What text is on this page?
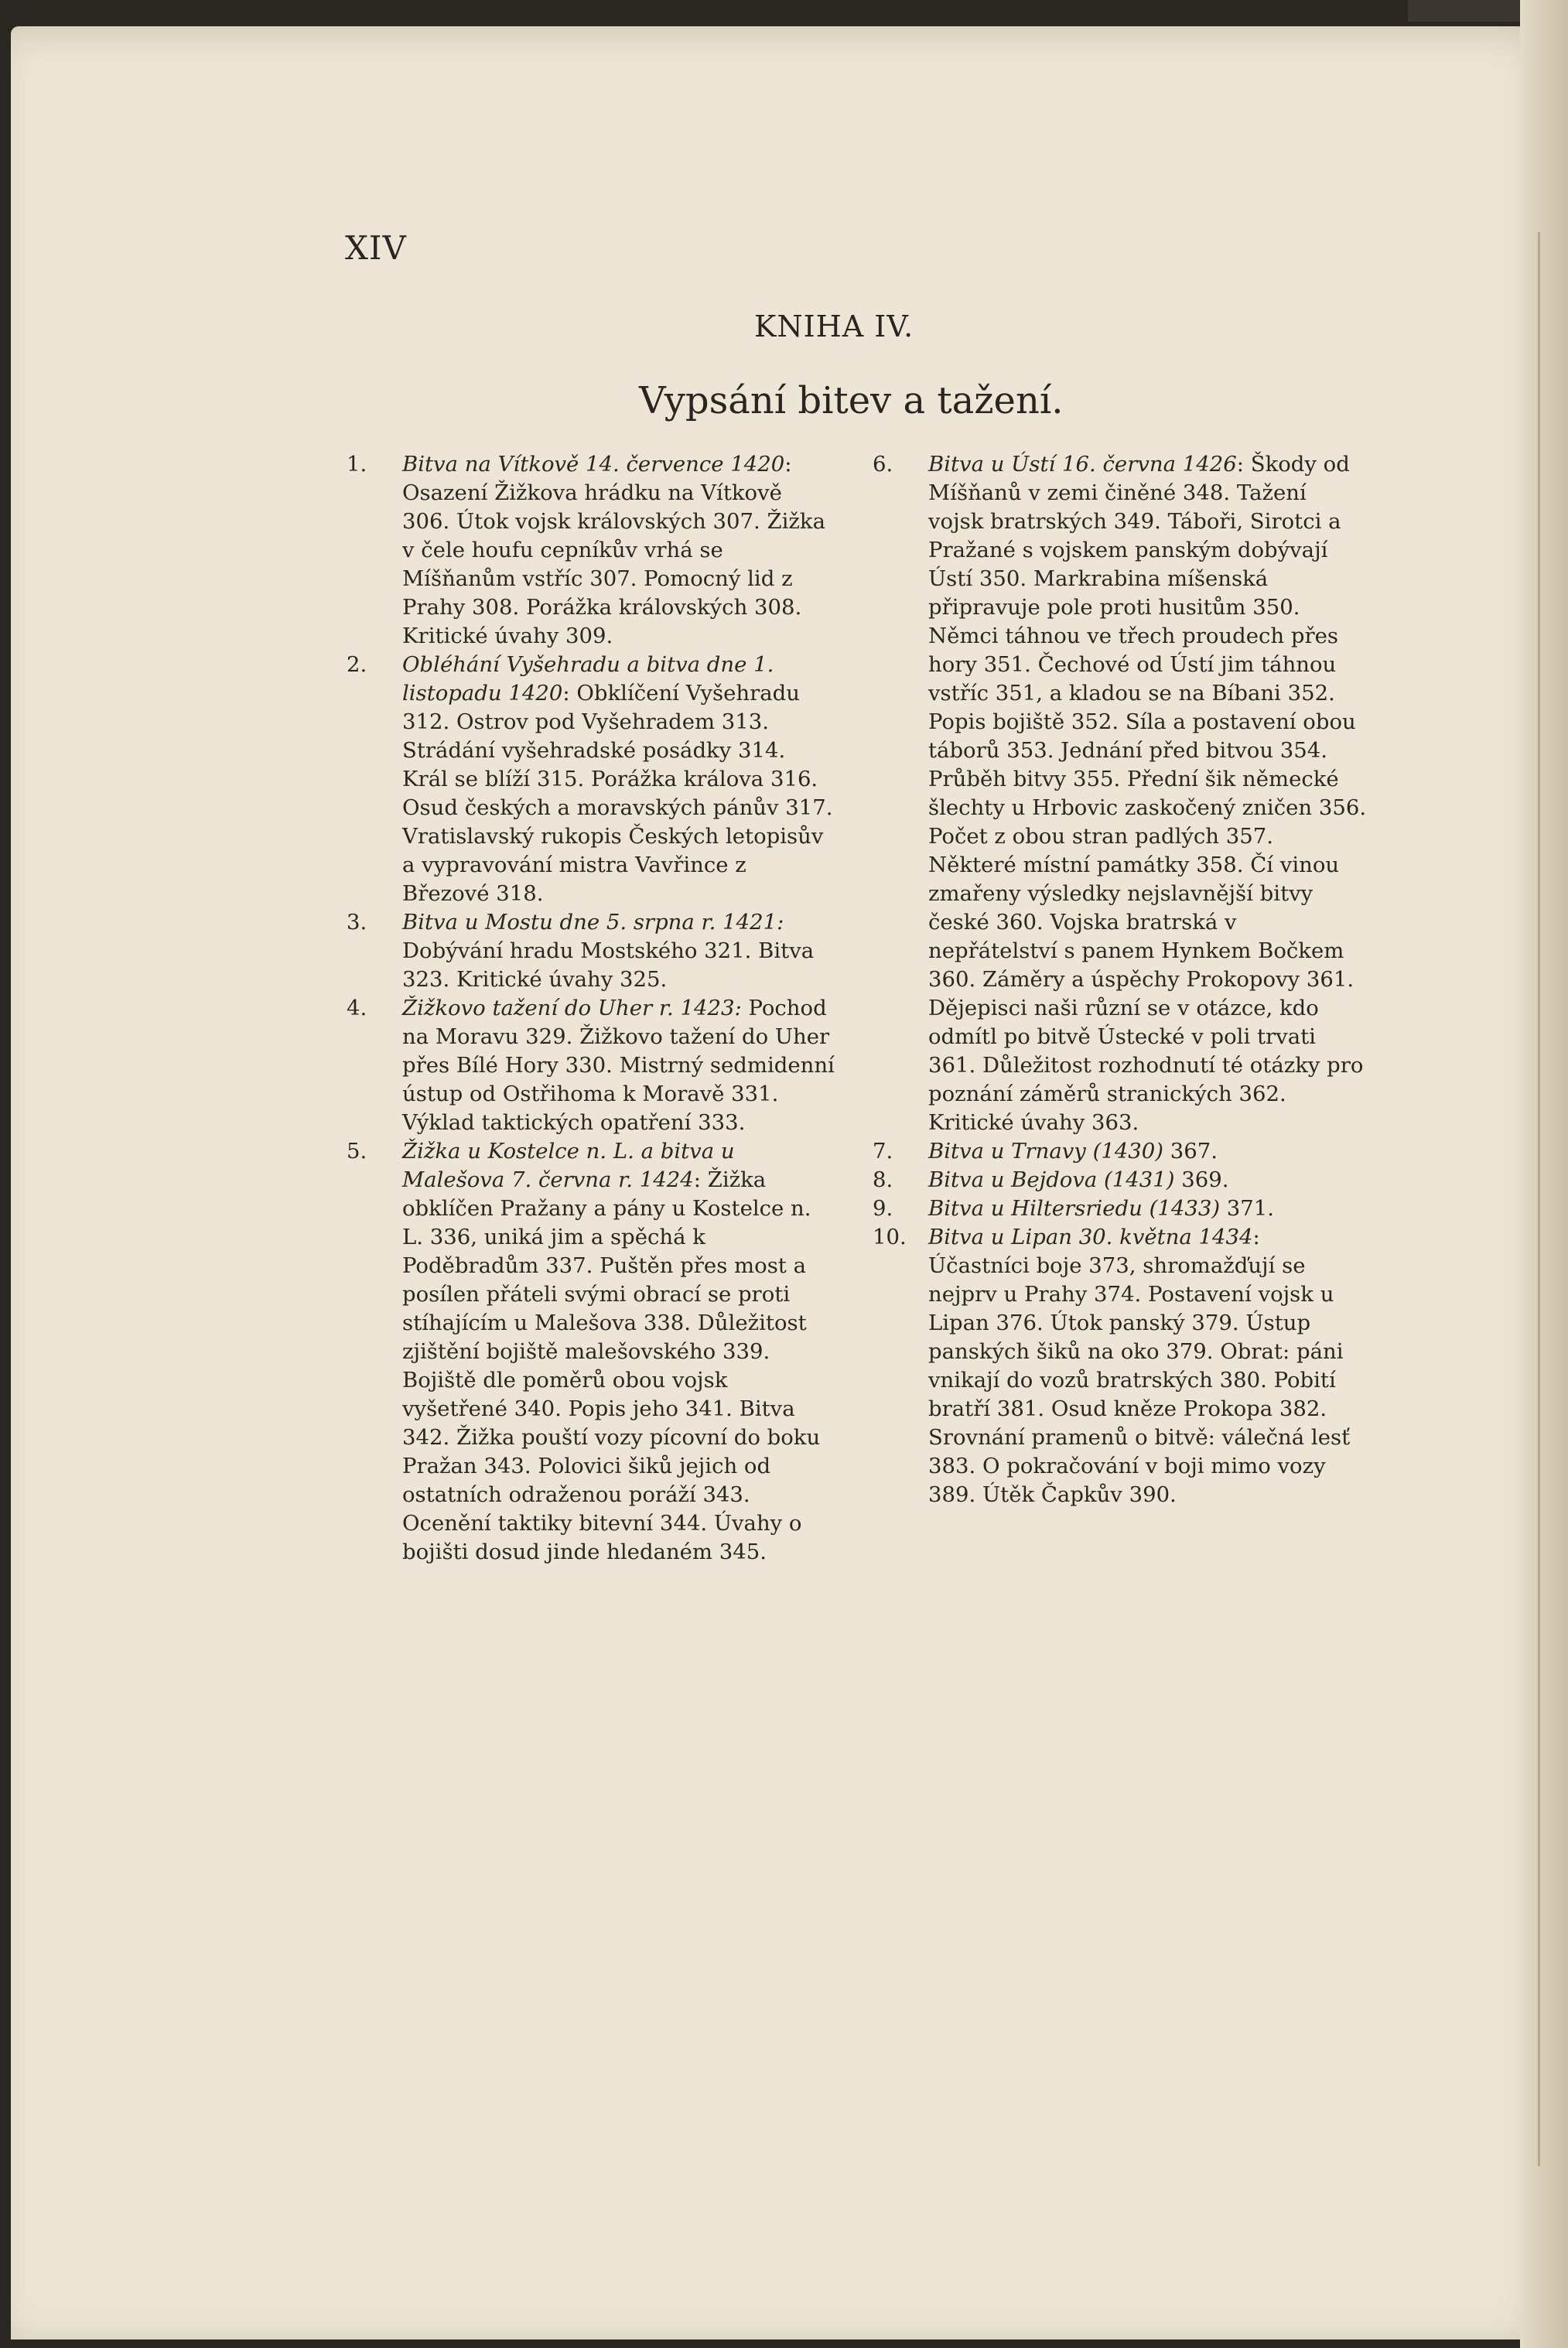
XIV
KNIHA IV.
Vypsání bitev a tažení.

1.	Bitva na Vítkově 14. července 1420: Osazení Žižkova hrádku na Vítkově 306. Útok vojsk královských 307. Žižka v čele houfu cepníkův vrhá se Míšňanům vstříc 307. Pomocný lid z Prahy 308. Porážka královských 308. Kritické úvahy 309.

2.	Obléhání Vyšehradu a bitva dne 1. listopadu 1420: Obklíčení Vyšehradu 312. Ostrov pod Vyšehradem 313. Strádání vyšehradské posádky 314. Král se blíží 315. Porážka králova 316. Osud českých a moravských pánův 317. Vratislavský rukopis Českých letopisův a vypravování mistra Vavřince z Březové 318.

3.	Bitva u Mostu dne 5. srpna r. 1421: Dobývání hradu Mostského 321. Bitva 323. Kritické úvahy 325.

4.	Žižkovo tažení do Uher r. 1423: Pochod na Moravu 329. Žižkovo tažení do Uher přes Bílé Hory 330. Mistrný sedmidenní ústup od Ostřihoma k Moravě 331. Výklad taktických opatření 333.

5.	Žižka u Kostelce n. L. a bitva u Malešova 7. června r. 1424: Žižka obklíčen Pražany a pány u Kostelce n. L. 336, uniká jim a spěchá k Poděbradům 337. Puštěn přes most a posílen přáteli svými obrací se proti stíhajícím u Malešova 338. Důležitost zjištění bojiště malešovského 339. Bojiště dle poměrů obou vojsk vyšetřené 340. Popis jeho 341. Bitva 342. Žižka pouští vozy pícovní do boku Pražan 343. Polovici šiků jejich od ostatních odraženou poráží 343. Ocenění taktiky bitevní 344. Úvahy o bojišti dosud jinde hledaném 345.

6.	Bitva u Ústí 16. června 1426: Škody od Míšňanů v zemi činěné 348. Tažení vojsk bratrských 349. Táboři, Sirotci a Pražané s vojskem panským dobývají Ústí 350. Markrabina míšenská připravuje pole proti husitům 350. Němci táhnou ve třech proudech přes hory 351. Čechové od Ústí jim táhnou vstříc 351, a kladou se na Bíbani 352. Popis bojiště 352. Síla a postavení obou táborů 353. Jednání před bitvou 354. Průběh bitvy 355. Přední šik německé šlechty u Hrbovic zaskočený zničen 356. Počet z obou stran padlých 357. Některé místní památky 358. Čí vinou zmařeny výsledky nejslavnější bitvy české 360. Vojska bratrská v nepřátelství s panem Hynkem Bočkem 360. Záměry a úspěchy Prokopovy 361. Dějepisci naši různí se v otázce, kdo odmítl po bitvě Ústecké v poli trvati 361. Důležitost rozhodnutí té otázky pro poznání záměrů stranických 362. Kritické úvahy 363.

7.	Bitva u Trnavy (1430) 367.

8.	Bitva u Bejdova (1431) 369.

9.	Bitva u Hiltersriedu (1433) 371.

10.	Bitva u Lipan 30. května 1434: Účastníci boje 373, shromažďují se nejprv u Prahy 374. Postavení vojsk u Lipan 376. Útok panský 379. Ústup panských šiků na oko 379. Obrat: páni vnikají do vozů bratrských 380. Pobití bratří 381. Osud kněze Prokopa 382. Srovnání pramenů o bitvě: válečná lesť 383. O pokračování v boji mimo vozy 389. Útěk Čapkův 390.
